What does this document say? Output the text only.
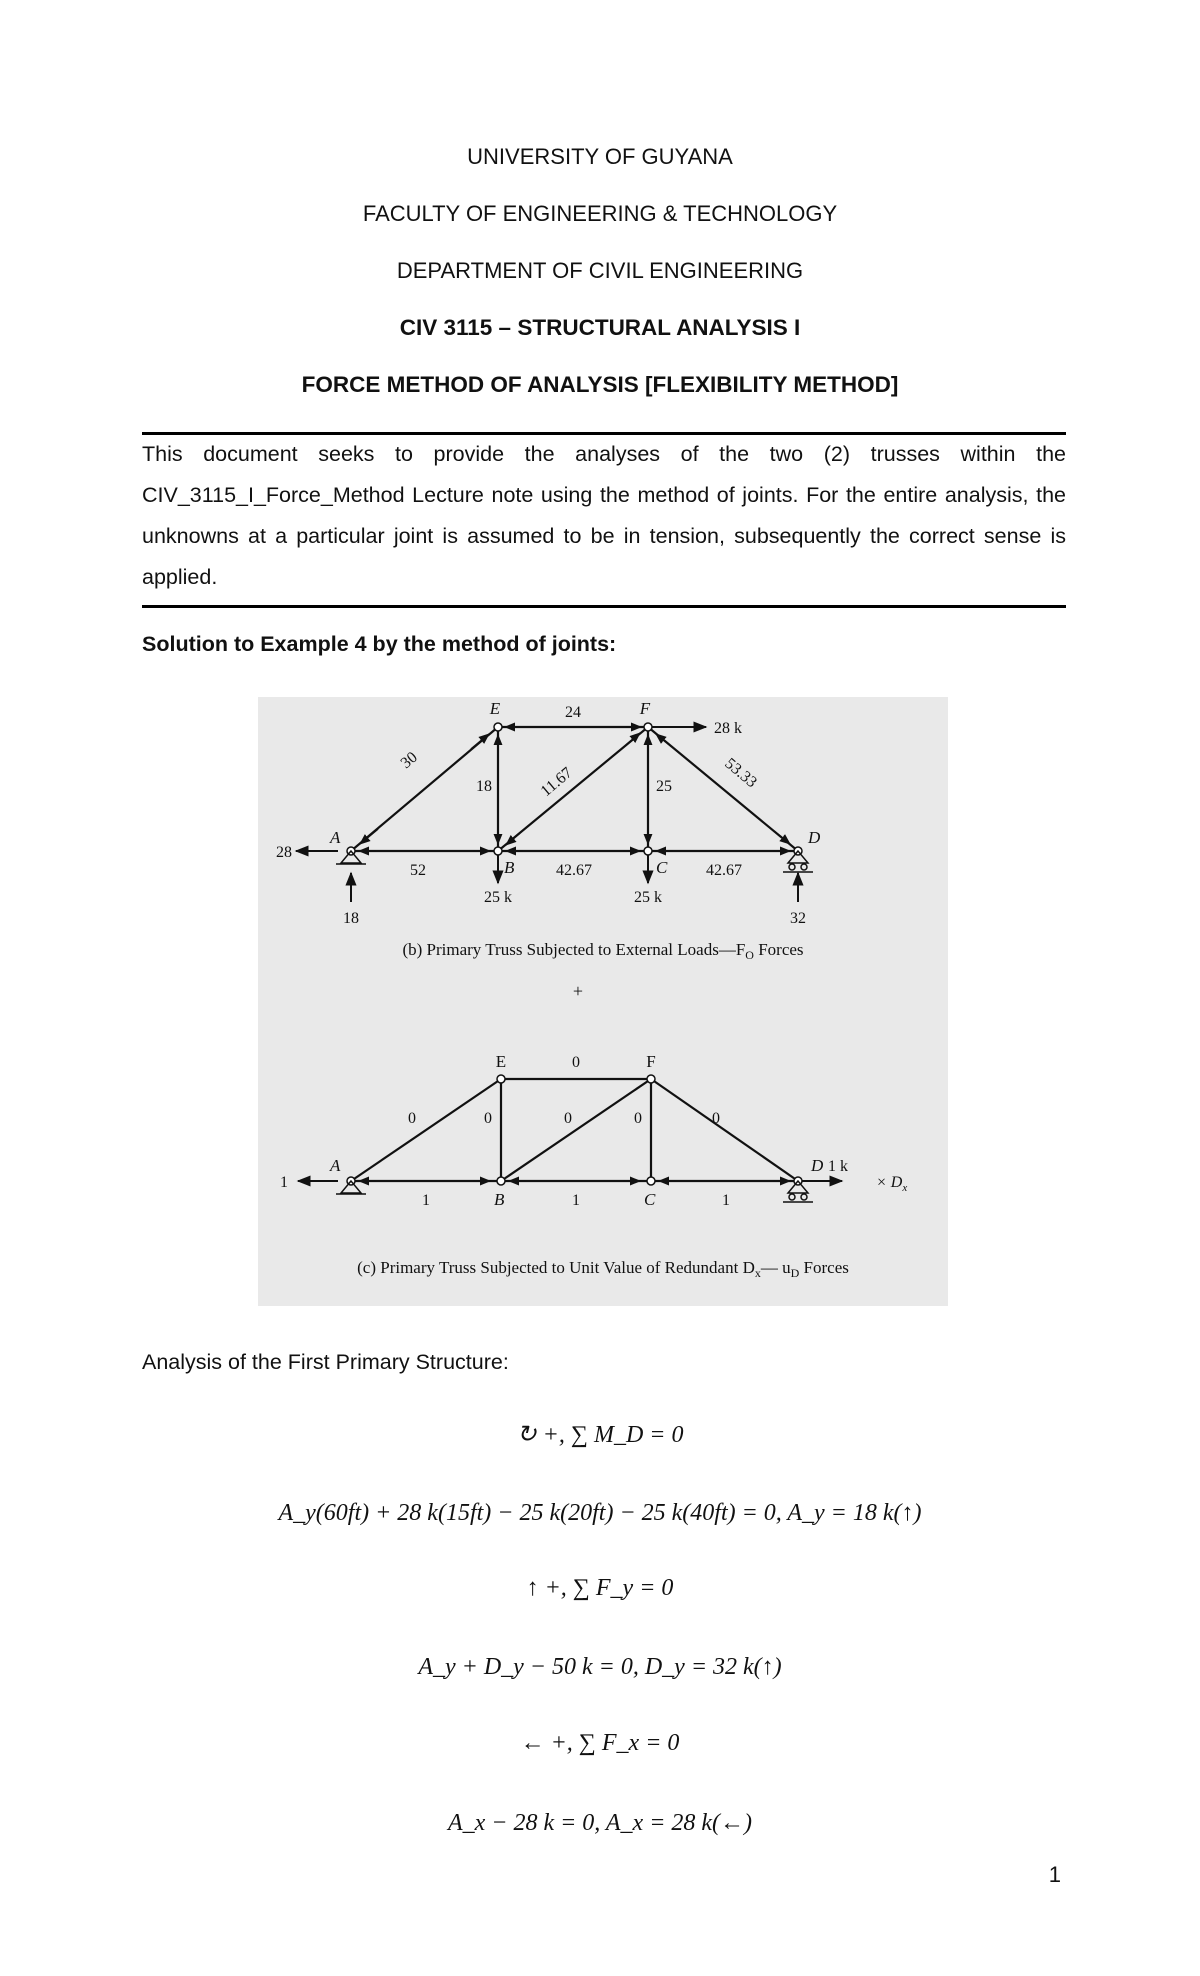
UNIVERSITY OF GUYANA
FACULTY OF ENGINEERING & TECHNOLOGY
DEPARTMENT OF CIVIL ENGINEERING
CIV 3115 – STRUCTURAL ANALYSIS I
FORCE METHOD OF ANALYSIS [FLEXIBILITY METHOD]

This document seeks to provide the analyses of the two (2) trusses within the CIV_3115_I_Force_Method Lecture note using the method of joints. For the entire analysis, the unknowns at a particular joint is assumed to be in tension, subsequently the correct sense is applied.

Solution to Example 4 by the method of joints:
E	F
A
B	C
D
24
30
18	11.67	25	53.33
52	42.67	42.67
28 k
25 k	25 k
28
18	32
(b) Primary Truss Subjected to External $Loads—F_O$ Forces
+
E	F
A
B	C
D
0
0	0	0	0	0
1	1	1
1
1 k
× $D_x$
(c) Primary Truss Subjected to Unit Value of Redundant $D_x—$ $u_D$ Forces
Analysis of the First Primary Structure:
↻ +, ∑ M_D = 0
A_y(60ft) + 28 k(15ft) − 25 k(20ft) − 25 k(40ft) = 0, A_y = 18 k(↑)
↑ +, ∑ F_y = 0
A_y + D_y − 50 k = 0, D_y = 32 k(↑)
← +, ∑ F_x = 0
A_x − 28 k = 0, A_x = 28 k(←)
1
